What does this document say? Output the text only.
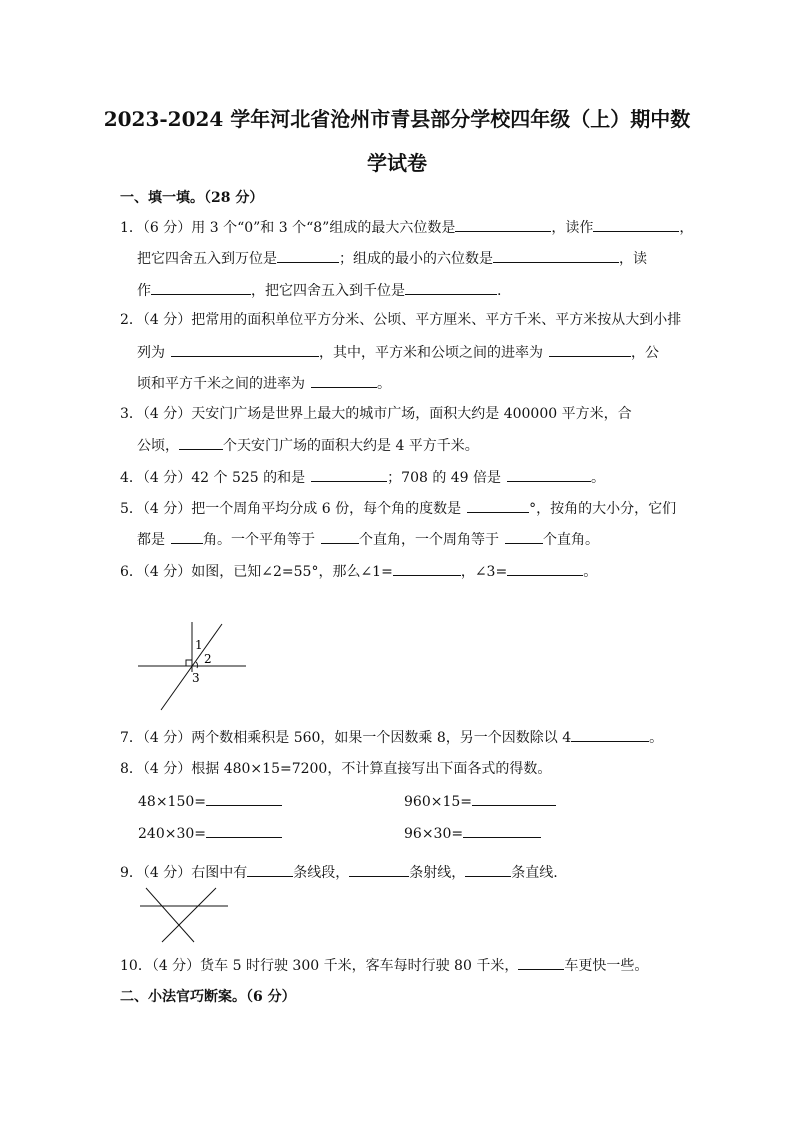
2023-2024 学年河北省沧州市青县部分学校四年级（上）期中数
学试卷
一、填一填。（28 分）
1．（6 分）用 3 个“0”和 3 个“8”组成的最大六位数是	，读作	，
把它四舍五入到万位是	；组成的最小的六位数是	，读
作	，把它四舍五入到千位是	.
2．（4 分）把常用的面积单位平方分米、公顷、平方厘米、平方千米、平方米按从大到小排
列为	，其中，平方米和公顷之间的进率为	，公
顷和平方千米之间的进率为	。
3．（4 分）天安门广场是世界上最大的城市广场，面积大约是 400000 平方米，合
公顷，	个天安门广场的面积大约是 4 平方千米。
4．（4 分）42 个 525 的和是	；708 的 49 倍是	。
5．（4 分）把一个周角平均分成 6 份，每个角的度数是	°，按角的大小分，它们
都是	角。一个平角等于	个直角，一个周角等于	个直角。
6．（4 分）如图，已知∠2=55°，那么∠1=	，∠3=	。
1
2
3
7．（4 分）两个数相乘积是 560，如果一个因数乘 8，另一个因数除以 4	。
8．（4 分）根据 480×15=7200，不计算直接写出下面各式的得数。
48×150=	960×15=
240×30=	96×30=
9．（4 分）右图中有	条线段，	条射线，	条直线.
10．（4 分）货车 5 时行驶 300 千米，客车每时行驶 80 千米，	车更快一些。
二、小法官巧断案。（6 分）
